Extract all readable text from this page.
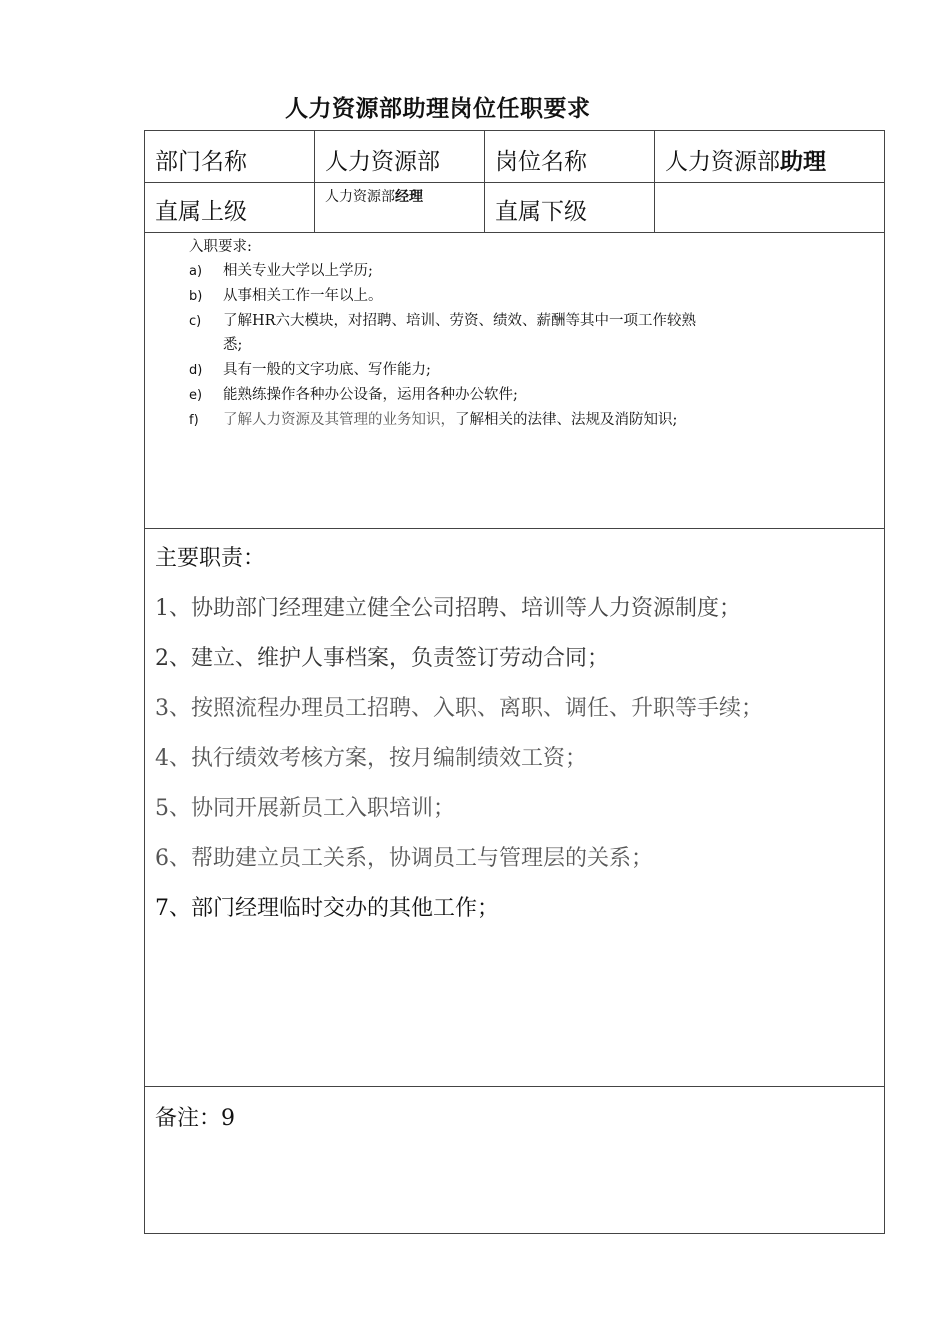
人力资源部助理岗位任职要求
部门名称	人力资源部 岗位名称	人力资源部助理
直属上级
人力资源部经理
直属下级
入职要求:
a) 相关专业大学以上学历;
b) 从事相关工作一年以上。
c) 了解HR六大模块，对招聘、培训、劳资、绩效、薪酬等其中一项工作较熟
悉;
d) 具有一般的文字功底、写作能力;
e) 能熟练操作各种办公设备，运用各种办公软件;
f) 了解人力资源及其管理的业务知识，了解相关的法律、法规及消防知识;
主要职责：
1、协助部门经理建立健全公司招聘、培训等人力资源制度；
2、建立、维护人事档案，负责签订劳动合同；
3、按照流程办理员工招聘、入职、离职、调任、升职等手续；
4、执行绩效考核方案，按月编制绩效工资；
5、协同开展新员工入职培训；
6、帮助建立员工关系，协调员工与管理层的关系；
7、部门经理临时交办的其他工作；
备注：9
